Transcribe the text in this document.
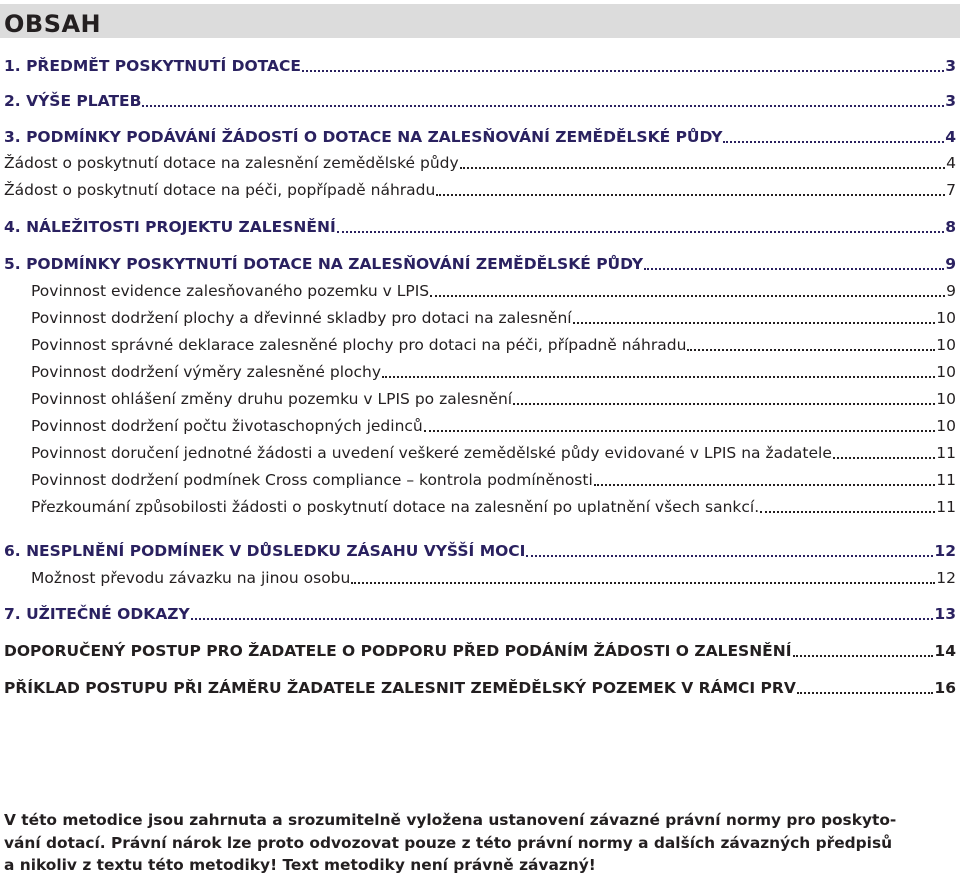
OBSAH
1. PŘEDMĚT POSKYTNUTÍ DOTACE	3
2. VÝŠE PLATEB	3
3. PODMÍNKY PODÁVÁNÍ ŽÁDOSTÍ O DOTACE NA ZALESŇOVÁNÍ ZEMĚDĚLSKÉ PŮDY	4
Žádost o poskytnutí dotace na zalesnění zemědělské půdy	4
Žádost o poskytnutí dotace na péči, popřípadě náhradu	7
4. NÁLEŽITOSTI PROJEKTU ZALESNĚNÍ	8
5. PODMÍNKY POSKYTNUTÍ DOTACE NA ZALESŇOVÁNÍ ZEMĚDĚLSKÉ PŮDY	9
Povinnost evidence zalesňovaného pozemku v LPIS	9
Povinnost dodržení plochy a dřevinné skladby pro dotaci na zalesnění	10
Povinnost správné deklarace zalesněné plochy pro dotaci na péči, případně náhradu	10
Povinnost dodržení výměry zalesněné plochy	10
Povinnost ohlášení změny druhu pozemku v LPIS po zalesnění	10
Povinnost dodržení počtu životaschopných jedinců	10
Povinnost doručení jednotné žádosti a uvedení veškeré zemědělské půdy evidované v LPIS na žadatele	11
Povinnost dodržení podmínek Cross compliance – kontrola podmíněnosti	11
Přezkoumání způsobilosti žádosti o poskytnutí dotace na zalesnění po uplatnění všech sankcí.	11
6. NESPLNĚNÍ PODMÍNEK V DŮSLEDKU ZÁSAHU VYŠŠÍ MOCI	12
Možnost převodu závazku na jinou osobu	12
7. UŽITEČNÉ ODKAZY	13
DOPORUČENÝ POSTUP PRO ŽADATELE O PODPORU PŘED PODÁNÍM ŽÁDOSTI O ZALESNĚNÍ	14
PŘÍKLAD POSTUPU PŘI ZÁMĚRU ŽADATELE ZALESNIT ZEMĚDĚLSKÝ POZEMEK V RÁMCI PRV	16
V této metodice jsou zahrnuta a srozumitelně vyložena ustanovení závazné právní normy pro poskyto-
vání dotací. Právní nárok lze proto odvozovat pouze z této právní normy a dalších závazných předpisů
a nikoliv z textu této metodiky! Text metodiky není právně závazný!
